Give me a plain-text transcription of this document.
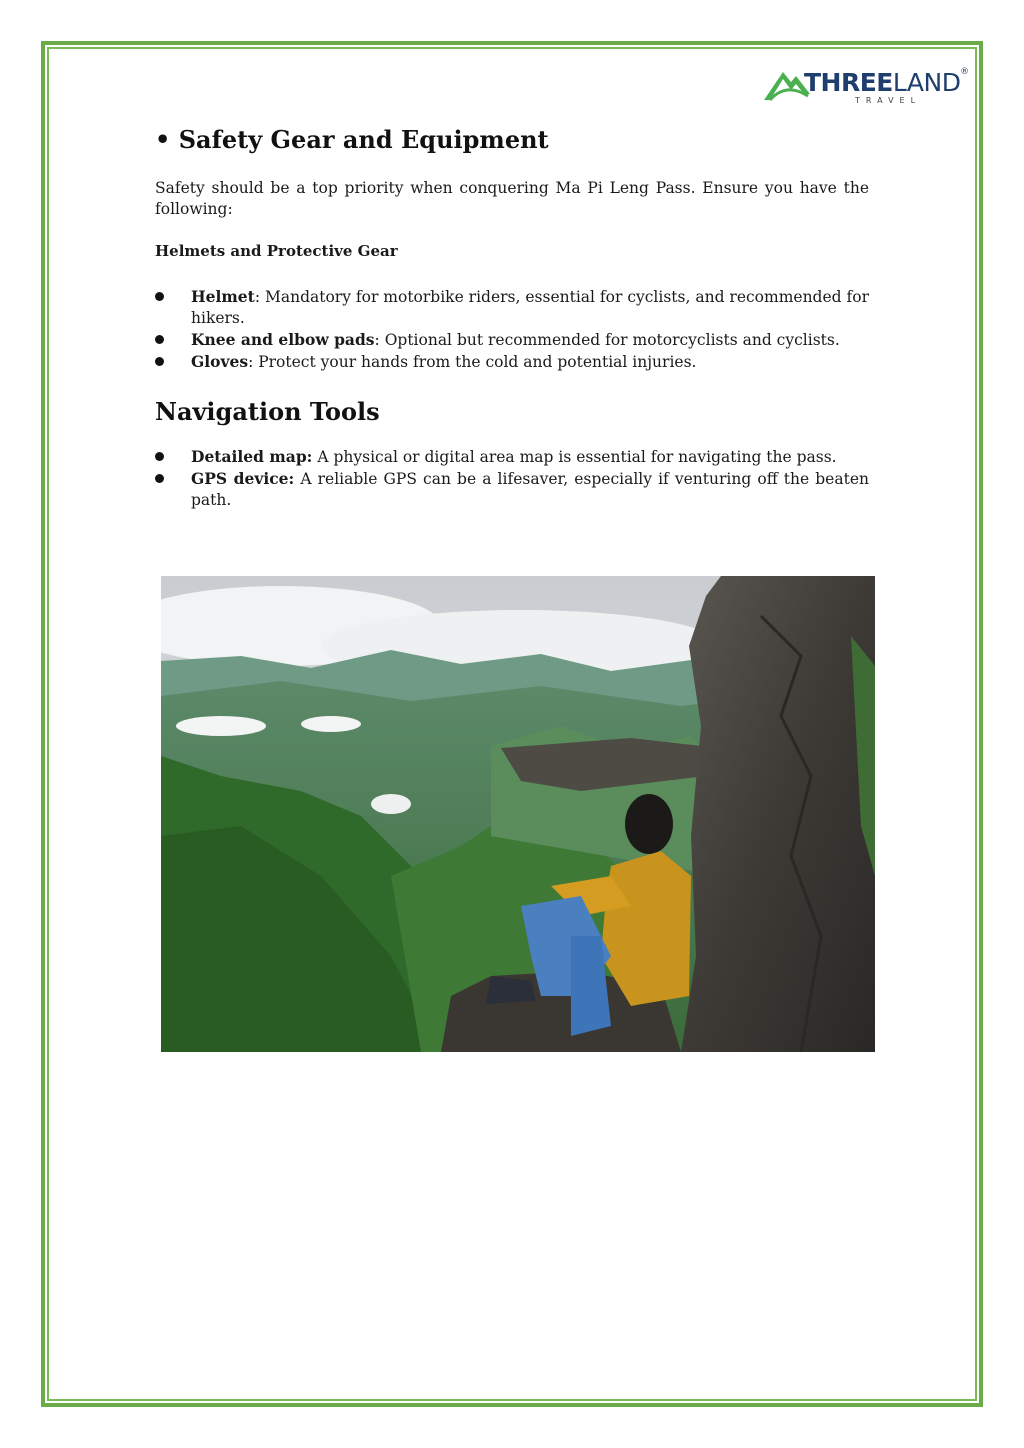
THREELAND ®
TRAVEL
• Safety Gear and Equipment

Safety should be a top priority when conquering Ma Pi Leng Pass. Ensure you have the following:

Helmets and Protective Gear

Helmet: Mandatory for motorbike riders, essential for cyclists, and recommended for hikers.
Knee and elbow pads: Optional but recommended for motorcyclists and cyclists.
Gloves: Protect your hands from the cold and potential injuries.
Navigation Tools
Detailed map: A physical or digital area map is essential for navigating the pass.
GPS device: A reliable GPS can be a lifesaver, especially if venturing off the beaten path.
